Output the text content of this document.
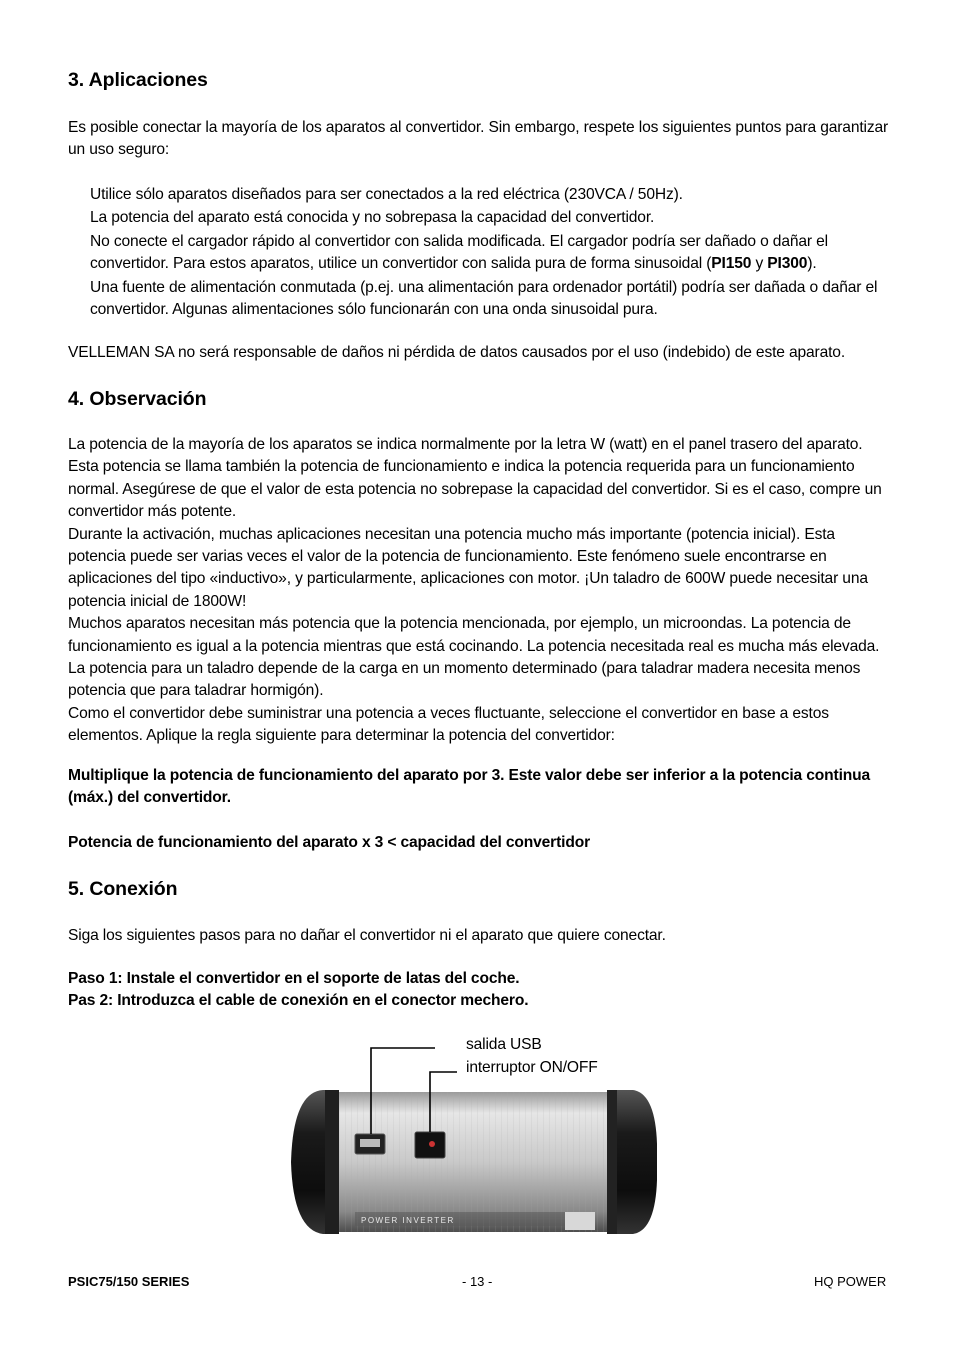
3. Aplicaciones

Es posible conectar la mayoría de los aparatos al convertidor. Sin embargo, respete los siguientes puntos para garantizar un uso seguro:

Utilice sólo aparatos diseñados para ser conectados a la red eléctrica (230VCA / 50Hz).
La potencia del aparato está conocida y no sobrepasa la capacidad del convertidor.
No conecte el cargador rápido al convertidor con salida modificada. El cargador podría ser dañado o dañar el convertidor. Para estos aparatos, utilice un convertidor con salida pura de forma sinusoidal (PI150 y PI300).
Una fuente de alimentación conmutada (p.ej. una alimentación para ordenador portátil) podría ser dañada o dañar el convertidor. Algunas alimentaciones sólo funcionarán con una onda sinusoidal pura.

VELLEMAN SA no será responsable de daños ni pérdida de datos causados por el uso (indebido) de este aparato.

4. Observación
La potencia de la mayoría de los aparatos se indica normalmente por la letra W (watt) en el panel trasero del aparato. Esta potencia se llama también la potencia de funcionamiento e indica la potencia requerida para un funcionamiento normal. Asegúrese de que el valor de esta potencia no sobrepase la capacidad del convertidor. Si es el caso, compre un convertidor más potente.
Durante la activación, muchas aplicaciones necesitan una potencia mucho más importante (potencia inicial). Esta potencia puede ser varias veces el valor de la potencia de funcionamiento. Este fenómeno suele encontrarse en aplicaciones del tipo «inductivo», y particularmente, aplicaciones con motor. ¡Un taladro de 600W puede necesitar una potencia inicial de 1800W!
Muchos aparatos necesitan más potencia que la potencia mencionada, por ejemplo, un microondas. La potencia de funcionamiento es igual a la potencia mientras que está cocinando. La potencia necesitada real es mucha más elevada. La potencia para un taladro depende de la carga en un momento determinado (para taladrar madera necesita menos potencia que para taladrar hormigón).
Como el convertidor debe suministrar una potencia a veces fluctuante, seleccione el convertidor en base a estos elementos. Aplique la regla siguiente para determinar la potencia del convertidor:

Multiplique la potencia de funcionamiento del aparato por 3. Este valor debe ser inferior a la potencia continua (máx.) del convertidor.

Potencia de funcionamiento del aparato x 3 < capacidad del convertidor

5. Conexión

Siga los siguientes pasos para no dañar el convertidor ni el aparato que quiere conectar.

Paso 1: Instale el convertidor en el soporte de latas del coche.

Pas 2: Introduzca el cable de conexión en el conector mechero.

POWER INVERTER
salida USB
interruptor ON/OFF
PSIC75/150 SERIES	- 13 -	HQ POWER
